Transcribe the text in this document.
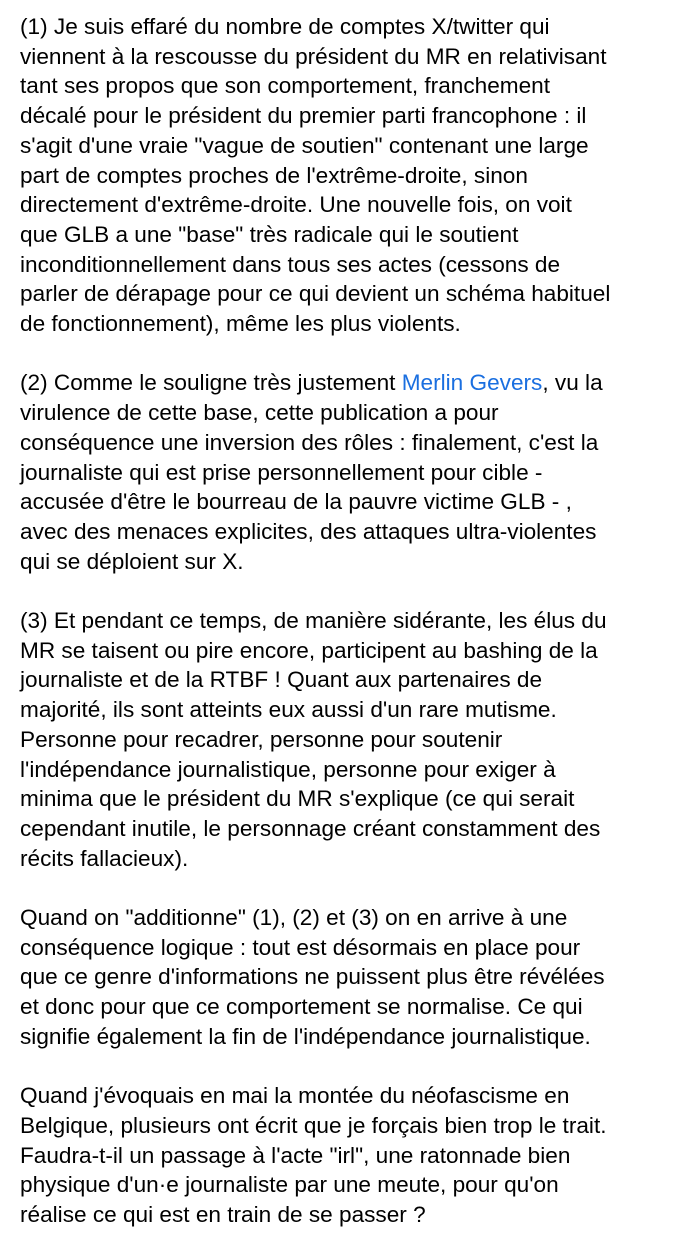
(1) Je suis effaré du nombre de comptes X/twitter qui
viennent à la rescousse du président du MR en relativisant
tant ses propos que son comportement, franchement
décalé pour le président du premier parti francophone : il
s'agit d'une vraie "vague de soutien" contenant une large
part de comptes proches de l'extrême-droite, sinon
directement d'extrême-droite. Une nouvelle fois, on voit
que GLB a une "base" très radicale qui le soutient
inconditionnellement dans tous ses actes (cessons de
parler de dérapage pour ce qui devient un schéma habituel
de fonctionnement), même les plus violents.

(2) Comme le souligne très justement Merlin Gevers, vu la
virulence de cette base, cette publication a pour
conséquence une inversion des rôles : finalement, c'est la
journaliste qui est prise personnellement pour cible -
accusée d'être le bourreau de la pauvre victime GLB - ,
avec des menaces explicites, des attaques ultra-violentes
qui se déploient sur X.

(3) Et pendant ce temps, de manière sidérante, les élus du
MR se taisent ou pire encore, participent au bashing de la
journaliste et de la RTBF ! Quant aux partenaires de
majorité, ils sont atteints eux aussi d'un rare mutisme.
Personne pour recadrer, personne pour soutenir
l'indépendance journalistique, personne pour exiger à
minima que le président du MR s'explique (ce qui serait
cependant inutile, le personnage créant constamment des
récits fallacieux).

Quand on "additionne" (1), (2) et (3) on en arrive à une
conséquence logique : tout est désormais en place pour
que ce genre d'informations ne puissent plus être révélées
et donc pour que ce comportement se normalise. Ce qui
signifie également la fin de l'indépendance journalistique.

Quand j'évoquais en mai la montée du néofascisme en
Belgique, plusieurs ont écrit que je forçais bien trop le trait.
Faudra-t-il un passage à l'acte "irl", une ratonnade bien
physique d'un·e journaliste par une meute, pour qu'on
réalise ce qui est en train de se passer ?
